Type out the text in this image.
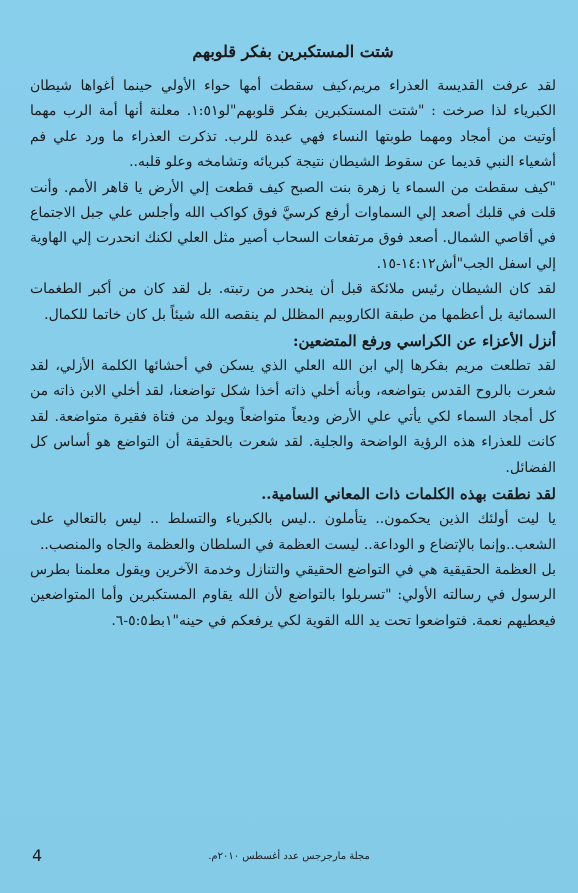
شتت المستكبرين بفكر قلوبهم

لقد عرفت القديسة العذراء مريم،كيف سقطت أمها حواء الأولي حينما أغواها شيطان الكبرياء لذا صرخت : "شتت المستكبرين بفكر قلوبهم"لو١:٥١. معلنة أنها أمة الرب مهما أوتيت من أمجاد ومهما طوبتها النساء فهي عبدة للرب. تذكرت العذراء ما ورد علي فم أشعياء النبي قديما عن سقوط الشيطان نتيجة كبريائه وتشامخه وعلو قلبه..

"كيف سقطت من السماء يا زهرة بنت الصبح كيف قطعت إلي الأرض يا قاهر الأمم. وأنت قلت في قلبك أصعد إلي السماوات أرفع كرسيَّ فوق كواكب الله وأجلس علي جبل الاجتماع في أقاصي الشمال. أصعد فوق مرتفعات السحاب أصير مثل العلي لكنك انحدرت إلي الهاوية إلي اسفل الجب"أش١٤:١٢-١٥.

لقد كان الشيطان رئيس ملائكة قبل أن ينحدر من رتبته. بل لقد كان من أكبر الطغمات السمائية بل أعظمها من طبقة الكاروبيم المظلل لم ينقصه الله شيئاً بل كان خاتما للكمال.

أنزل الأعزاء عن الكراسي ورفع المتضعين:

لقد تطلعت مريم بفكرها إلي ابن الله العلي الذي يسكن في أحشائها الكلمة الأزلي، لقد شعرت بالروح القدس بتواضعه، وبأنه أخلي ذاته أخذا شكل تواضعنا، لقد أخلي الابن ذاته من كل أمجاد السماء لكي يأتي علي الأرض وديعاً متواضعاً ويولد من فتاة فقيرة متواضعة. لقد كانت للعذراء هذه الرؤية الواضحة والجلية. لقد شعرت بالحقيقة أن التواضع هو أساس كل الفضائل.

لقد نطقت بهذه الكلمات ذات المعاني السامية..

يا ليت أولئك الذين يحكمون.. يتأملون ..ليس بالكبرياء والتسلط .. ليس بالتعالي على الشعب..وإنما بالإتضاع و الوداعة.. ليست العظمة في السلطان والعظمة والجاه والمنصب..

بل العظمة الحقيقية هي في التواضع الحقيقي والتنازل وخدمة الآخرين ويقول معلمنا بطرس الرسول في رسالته الأولي: "تسربلوا بالتواضع لأن الله يقاوم المستكبرين وأما المتواضعين فيعطيهم نعمة. فتواضعوا تحت يد الله القوية لكي يرفعكم في حينه"١بط٥:٥-٦.

4	مجلة مارجرجس عدد أغسطس ٢٠١٠م.
